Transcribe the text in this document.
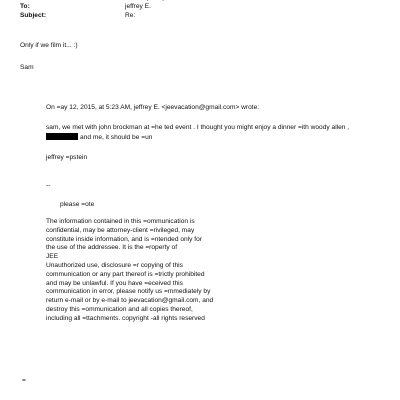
To:	jeffrey E.
Subject:	Re:
Only if we film it... :)
Sam
On =ay 12, 2015, at 5:23 AM, jeffrey E. <jeevacation@gmail.com> wrote:
sam, we met with john brockman at =he ted event . I thought you might enjoy a dinner =ith woody allen ,
and me, it should be =un
jeffrey =pstein
--
please =ote
The information contained in this =ommunication is
confidential, may be attorney-client =rivileged, may
constitute inside information, and is =ntended only for
the use of the addressee. It is the =roperty of
JEE
Unauthorized use, disclosure =r copying of this
communication or any part thereof is =trictly prohibited
and may be unlawful. If you have =eceived this
communication in error, please notify us =mmediately by
return e-mail or by e-mail to jeevacation@gmail.com, and
destroy this =ommunication and all copies thereof,
including all =ttachments. copyright -all rights reserved
=
